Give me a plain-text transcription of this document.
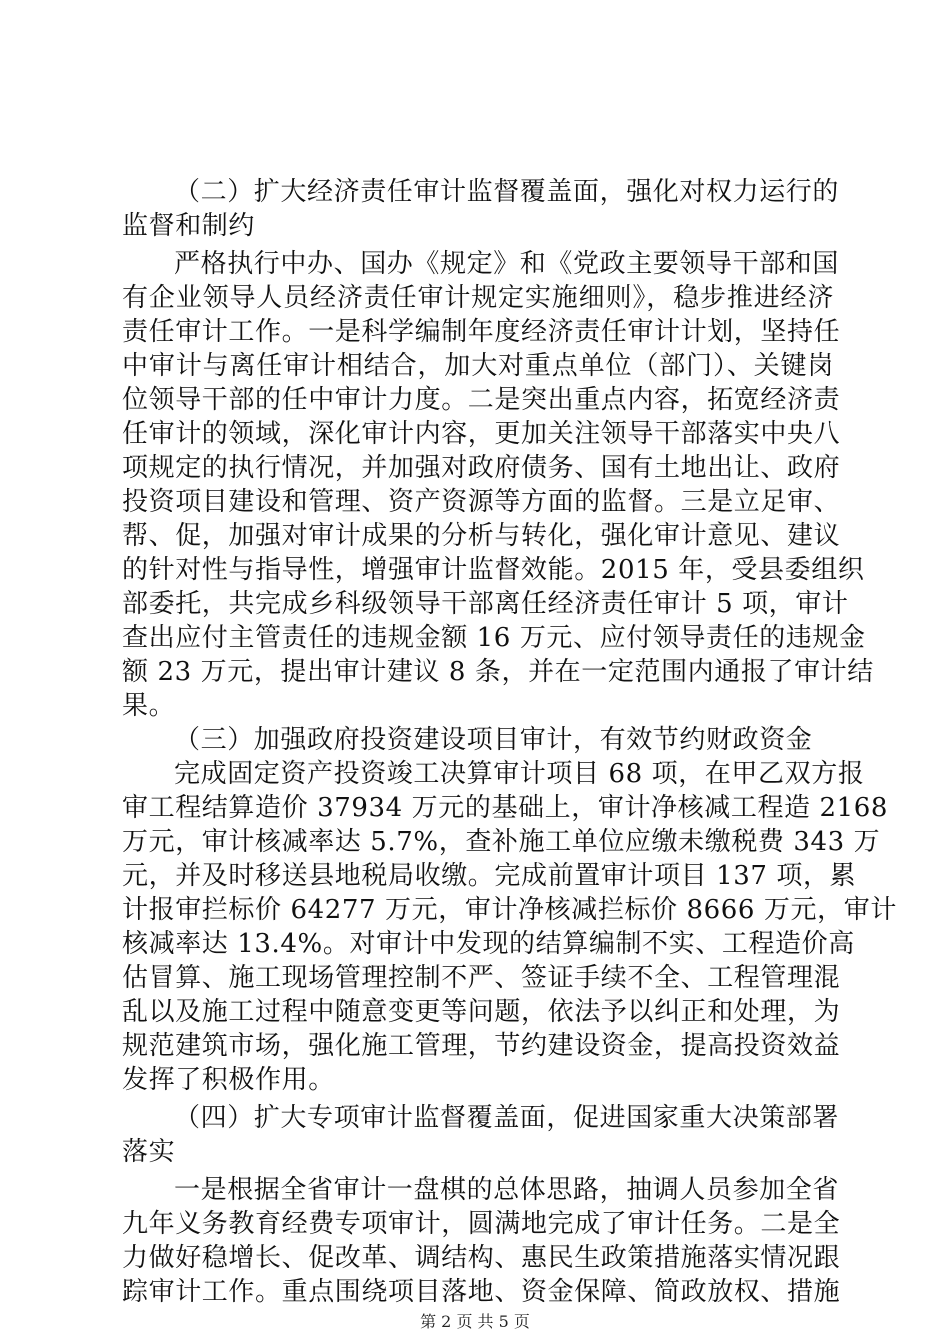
（二）扩大经济责任审计监督覆盖面，强化对权力运行的
监督和制约
严格执行中办、国办《规定》和《党政主要领导干部和国
有企业领导人员经济责任审计规定实施细则》，稳步推进经济
责任审计工作。一是科学编制年度经济责任审计计划，坚持任
中审计与离任审计相结合，加大对重点单位（部门）、关键岗
位领导干部的任中审计力度。二是突出重点内容，拓宽经济责
任审计的领域，深化审计内容，更加关注领导干部落实中央八
项规定的执行情况，并加强对政府债务、国有土地出让、政府
投资项目建设和管理、资产资源等方面的监督。三是立足审、
帮、促，加强对审计成果的分析与转化，强化审计意见、建议
的针对性与指导性，增强审计监督效能。2015 年，受县委组织
部委托，共完成乡科级领导干部离任经济责任审计 5 项，审计
查出应付主管责任的违规金额 16 万元、应付领导责任的违规金
额 23 万元，提出审计建议 8 条，并在一定范围内通报了审计结
果。
（三）加强政府投资建设项目审计，有效节约财政资金
完成固定资产投资竣工决算审计项目 68 项，在甲乙双方报
审工程结算造价 37934 万元的基础上，审计净核减工程造 2168
万元，审计核减率达 5.7%，查补施工单位应缴未缴税费 343 万
元，并及时移送县地税局收缴。完成前置审计项目 137 项，累
计报审拦标价 64277 万元，审计净核减拦标价 8666 万元，审计
核减率达 13.4%。对审计中发现的结算编制不实、工程造价高
估冒算、施工现场管理控制不严、签证手续不全、工程管理混
乱以及施工过程中随意变更等问题，依法予以纠正和处理，为
规范建筑市场，强化施工管理，节约建设资金，提高投资效益
发挥了积极作用。
（四）扩大专项审计监督覆盖面，促进国家重大决策部署
落实
一是根据全省审计一盘棋的总体思路，抽调人员参加全省
九年义务教育经费专项审计，圆满地完成了审计任务。二是全
力做好稳增长、促改革、调结构、惠民生政策措施落实情况跟
踪审计工作。重点围绕项目落地、资金保障、简政放权、措施
第 2 页 共 5 页
